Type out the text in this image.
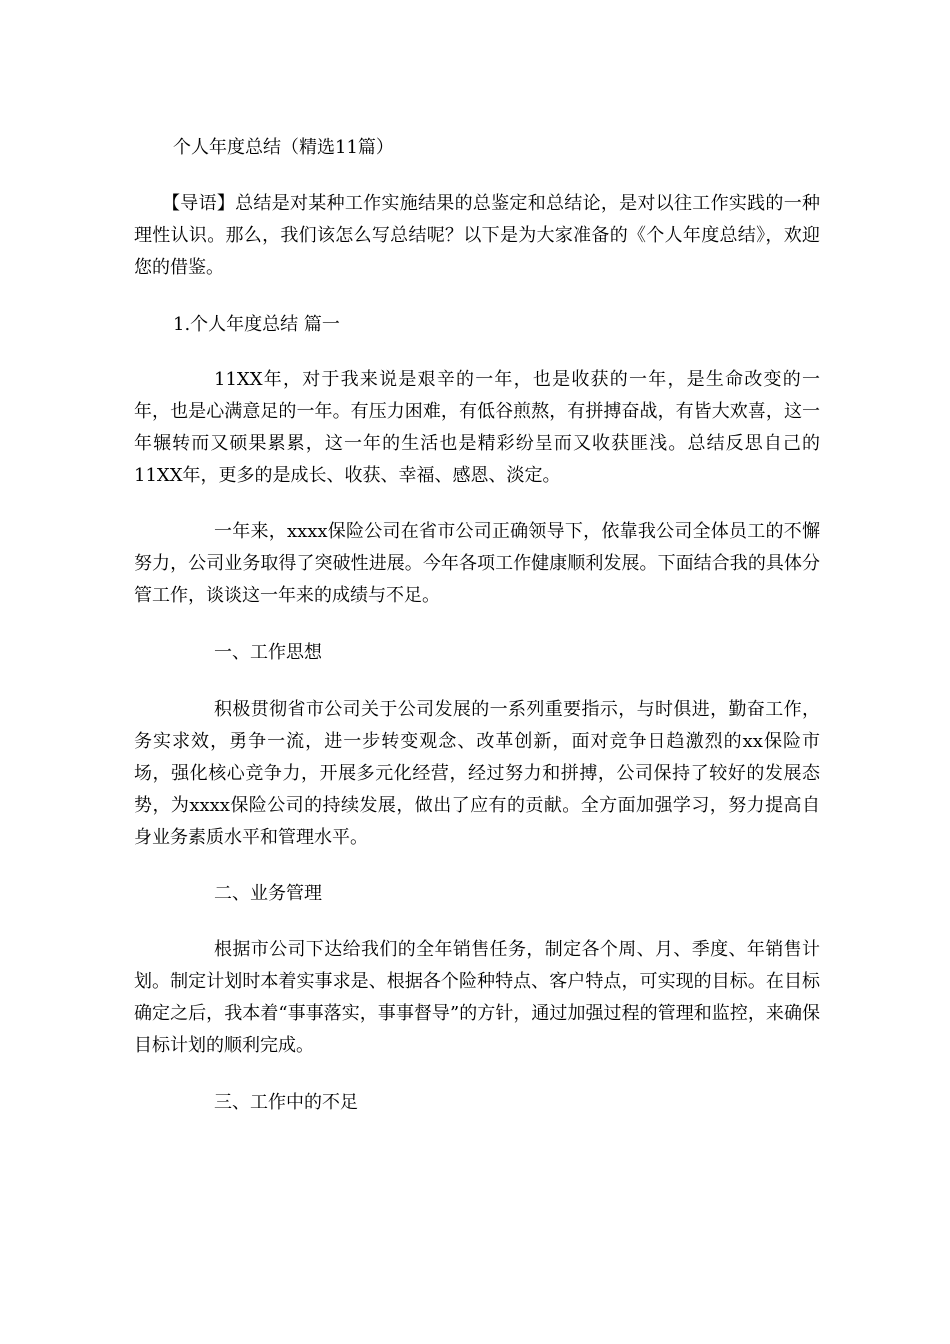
个人年度总结（精选11篇）

【导语】总结是对某种工作实施结果的总鉴定和总结论，是对以往工作实践的一种理性认识。那么，我们该怎么写总结呢？以下是为大家准备的《个人年度总结》，欢迎您的借鉴。

1.个人年度总结 篇一

11XX年，对于我来说是艰辛的一年，也是收获的一年，是生命改变的一年，也是心满意足的一年。有压力困难，有低谷煎熬，有拼搏奋战，有皆大欢喜，这一年辗转而又硕果累累，这一年的生活也是精彩纷呈而又收获匪浅。总结反思自己的11XX年，更多的是成长、收获、幸福、感恩、淡定。

一年来，xxxx保险公司在省市公司正确领导下，依靠我公司全体员工的不懈努力，公司业务取得了突破性进展。今年各项工作健康顺利发展。下面结合我的具体分管工作，谈谈这一年来的成绩与不足。

一、工作思想

积极贯彻省市公司关于公司发展的一系列重要指示，与时俱进，勤奋工作，务实求效，勇争一流，进一步转变观念、改革创新，面对竞争日趋激烈的xx保险市场，强化核心竞争力，开展多元化经营，经过努力和拼搏，公司保持了较好的发展态势，为xxxx保险公司的持续发展，做出了应有的贡献。全方面加强学习，努力提高自身业务素质水平和管理水平。

二、业务管理

根据市公司下达给我们的全年销售任务，制定各个周、月、季度、年销售计划。制定计划时本着实事求是、根据各个险种特点、客户特点，可实现的目标。在目标确定之后，我本着“事事落实，事事督导”的方针，通过加强过程的管理和监控，来确保目标计划的顺利完成。

三、工作中的不足
